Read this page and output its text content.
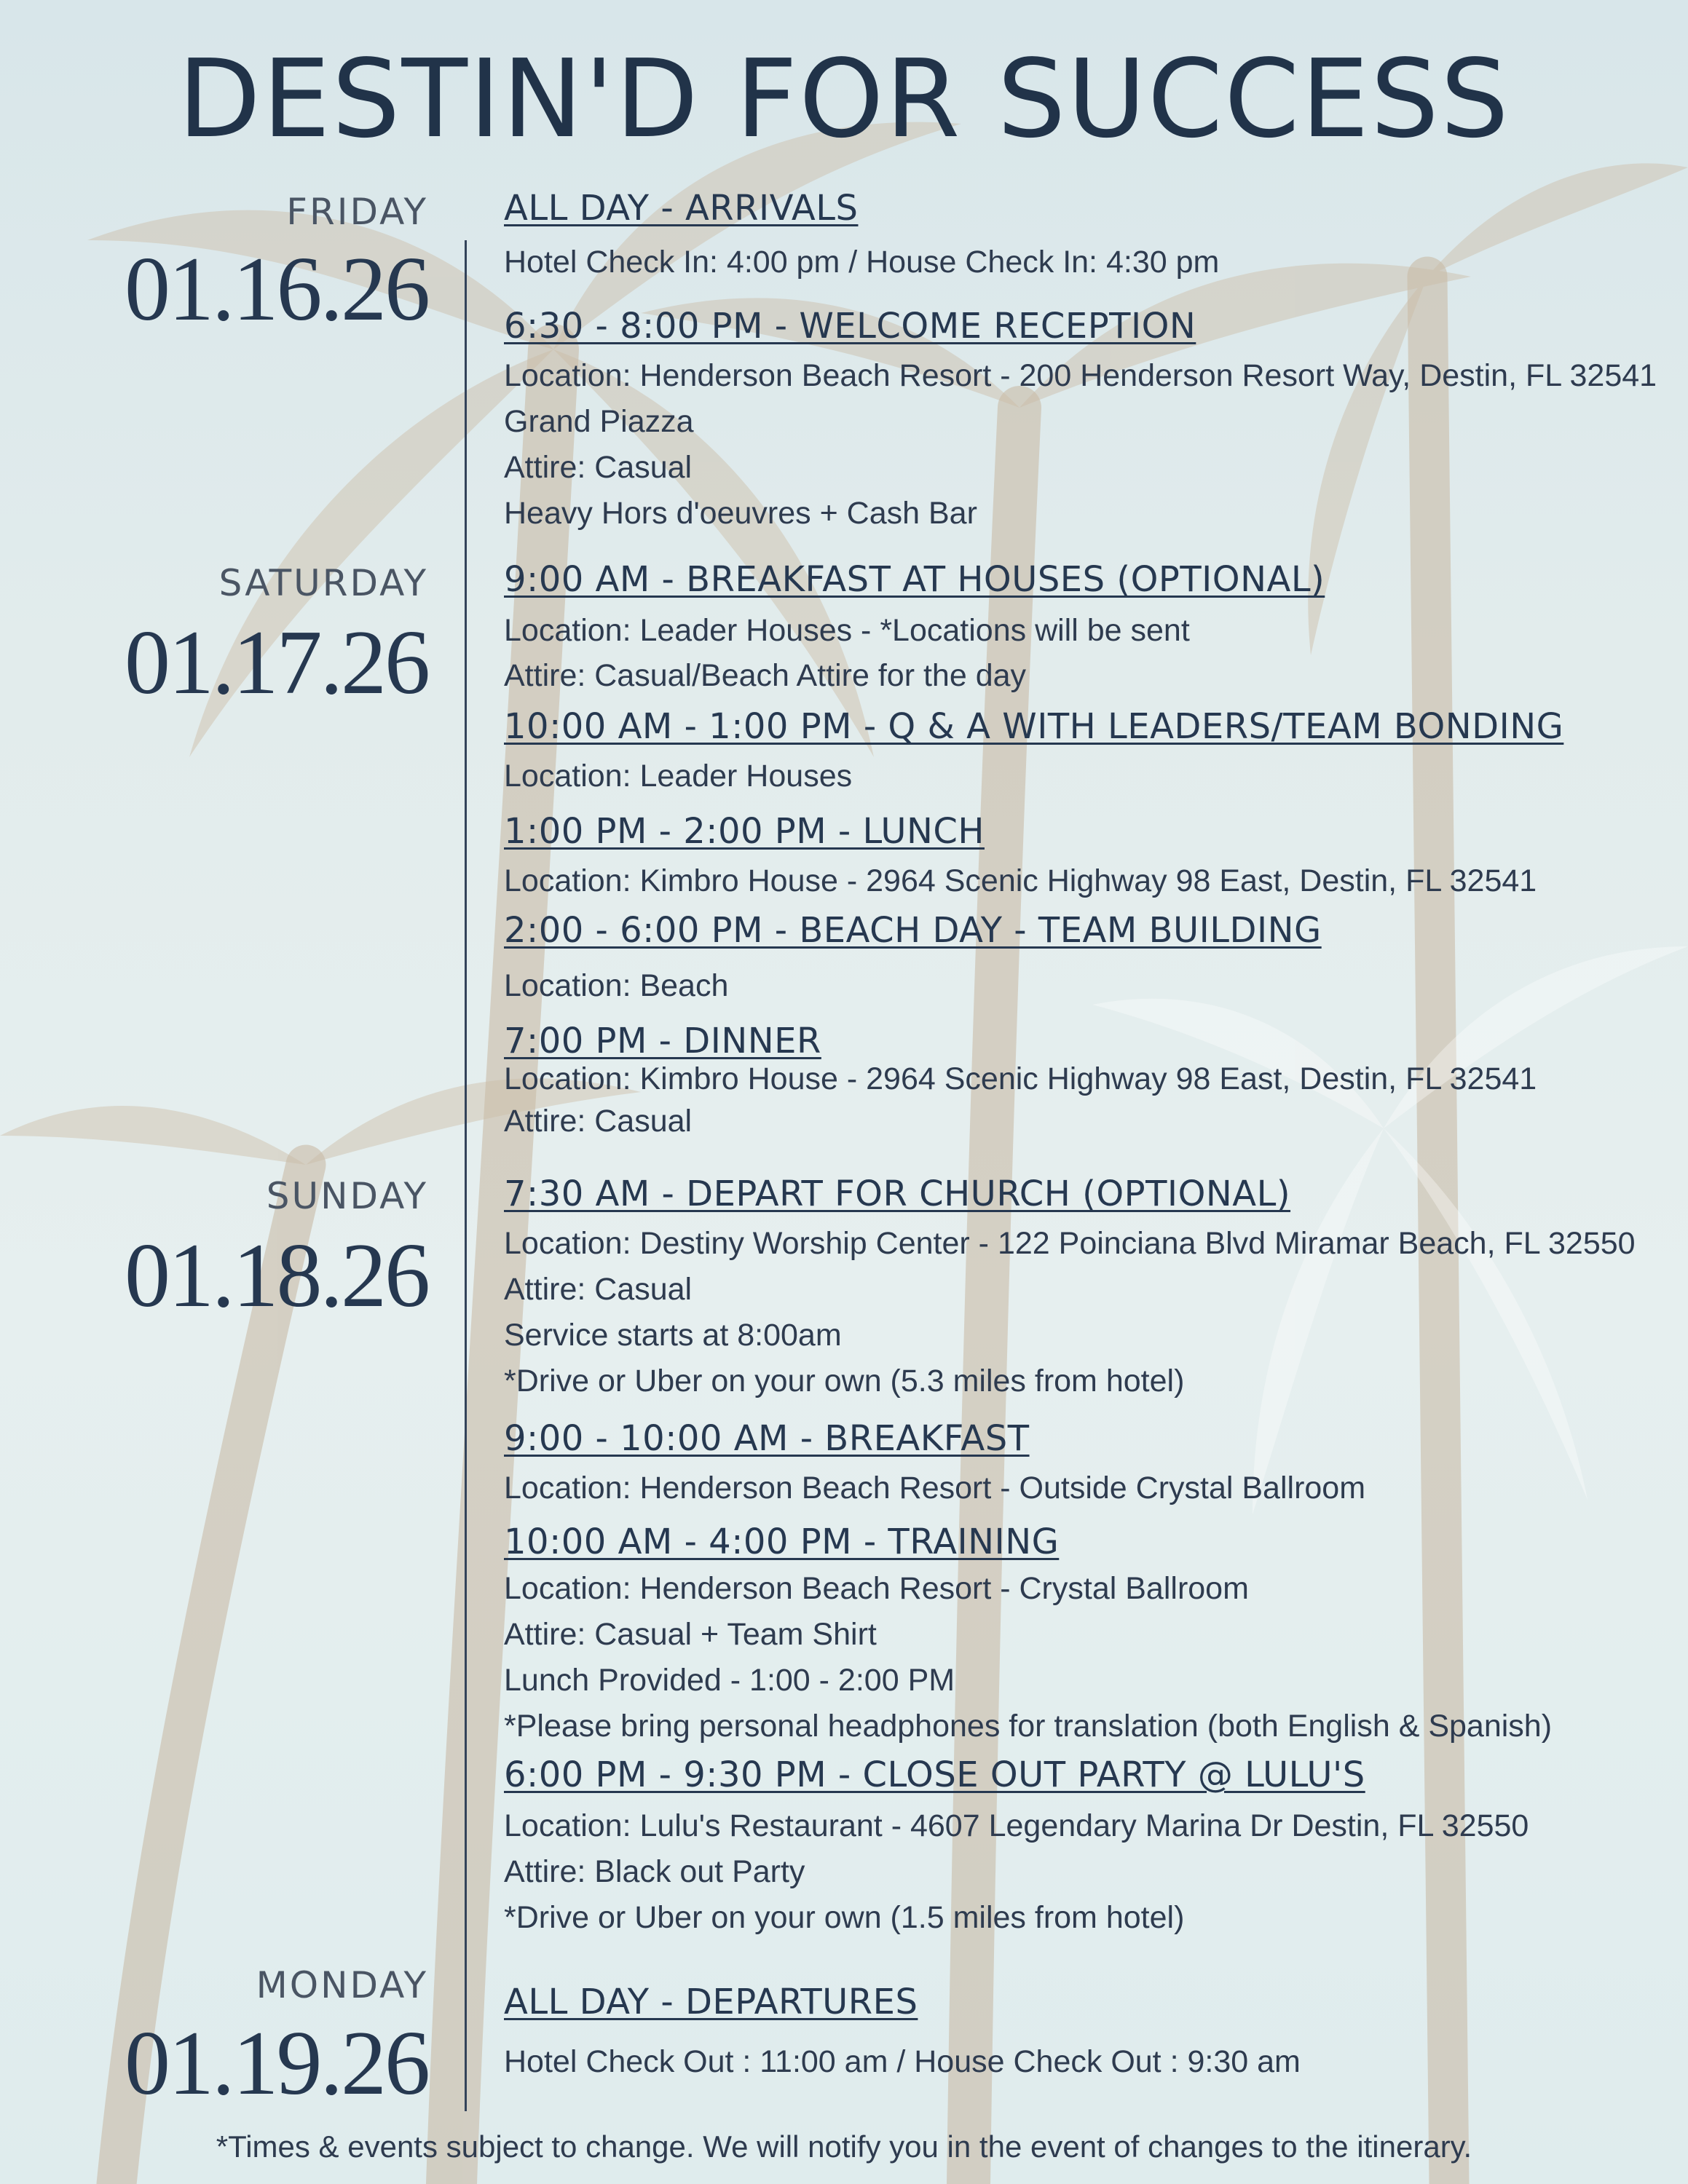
DESTIN'D FOR SUCCESS
FRIDAY
01.16.26
ALL DAY - ARRIVALS
Hotel Check In: 4:00 pm / House Check In: 4:30 pm
6:30 - 8:00 PM - WELCOME RECEPTION
Location: Henderson Beach Resort - 200 Henderson Resort Way, Destin, FL 32541
Grand Piazza
Attire: Casual
Heavy Hors d'oeuvres + Cash Bar
SATURDAY
01.17.26
9:00 AM - BREAKFAST AT HOUSES (OPTIONAL)
Location: Leader Houses - *Locations will be sent
Attire: Casual/Beach Attire for the day
10:00 AM - 1:00 PM - Q & A WITH LEADERS/TEAM BONDING
Location: Leader Houses
1:00 PM - 2:00 PM - LUNCH
Location: Kimbro House - 2964 Scenic Highway 98 East, Destin, FL 32541
2:00 - 6:00 PM - BEACH DAY - TEAM BUILDING
Location: Beach
7:00 PM - DINNER
Location: Kimbro House - 2964 Scenic Highway 98 East, Destin, FL 32541
Attire: Casual
SUNDAY
01.18.26
7:30 AM - DEPART FOR CHURCH (OPTIONAL)
Location: Destiny Worship Center - 122 Poinciana Blvd Miramar Beach, FL 32550
Attire: Casual
Service starts at 8:00am
*Drive or Uber on your own (5.3 miles from hotel)
9:00 - 10:00 AM - BREAKFAST
Location: Henderson Beach Resort - Outside Crystal Ballroom
10:00 AM - 4:00 PM - TRAINING
Location: Henderson Beach Resort - Crystal Ballroom
Attire: Casual + Team Shirt
Lunch Provided - 1:00 - 2:00 PM
*Please bring personal headphones for translation (both English & Spanish)
6:00 PM - 9:30 PM - CLOSE OUT PARTY @ LULU'S
Location: Lulu's Restaurant - 4607 Legendary Marina Dr Destin, FL 32550
Attire: Black out Party
*Drive or Uber on your own (1.5 miles from hotel)
MONDAY
01.19.26
ALL DAY - DEPARTURES
Hotel Check Out : 11:00 am / House Check Out : 9:30 am
*Times & events subject to change. We will notify you in the event of changes to the itinerary.
